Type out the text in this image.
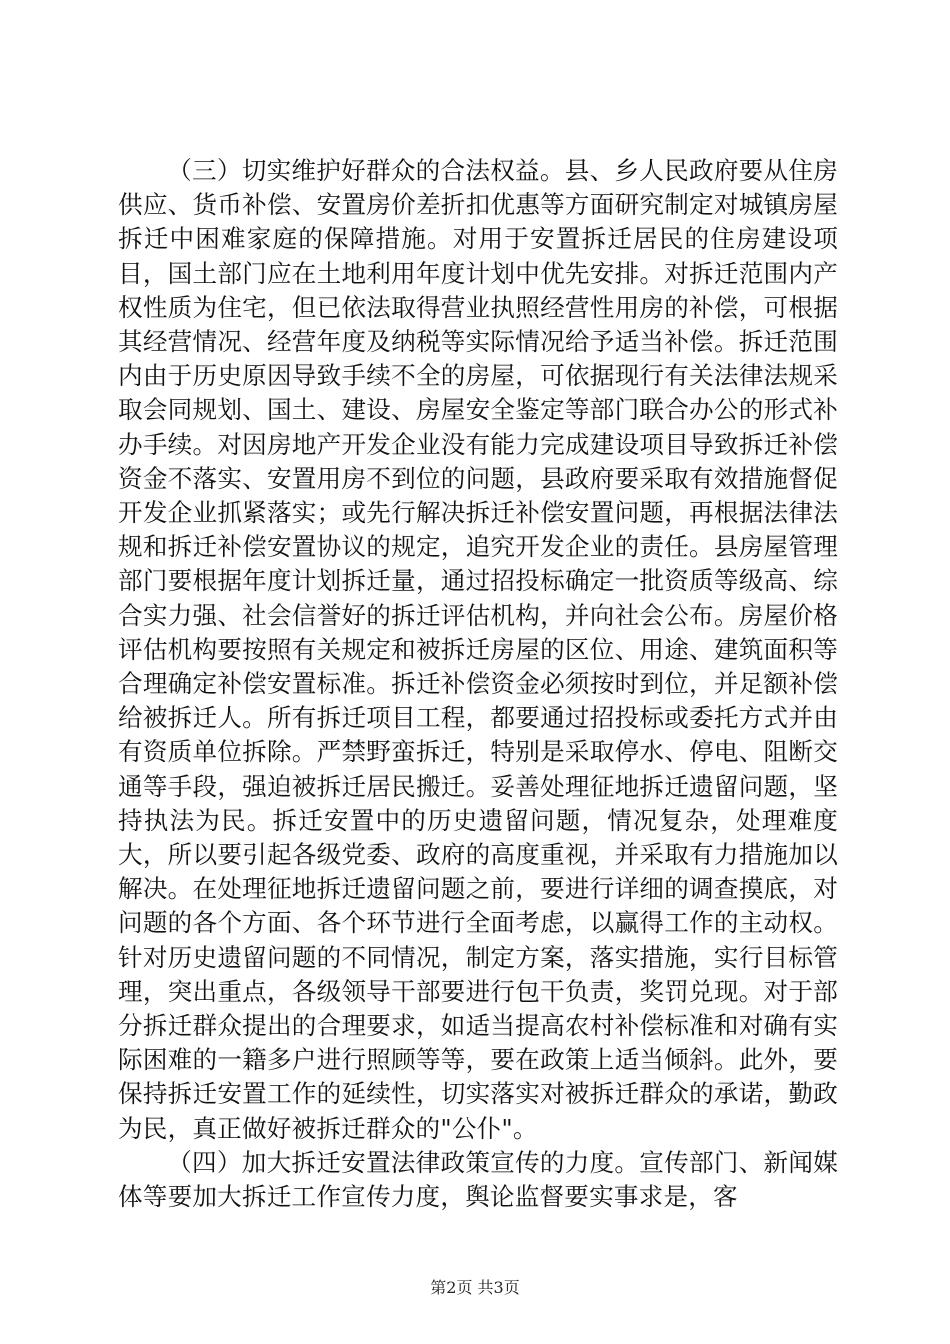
（三）切实维护好群众的合法权益。县、乡人民政府要从住房供应、货币补偿、安置房价差折扣优惠等方面研究制定对城镇房屋拆迁中困难家庭的保障措施。对用于安置拆迁居民的住房建设项目，国土部门应在土地利用年度计划中优先安排。对拆迁范围内产权性质为住宅，但已依法取得营业执照经营性用房的补偿，可根据其经营情况、经营年度及纳税等实际情况给予适当补偿。拆迁范围内由于历史原因导致手续不全的房屋，可依据现行有关法律法规采取会同规划、国土、建设、房屋安全鉴定等部门联合办公的形式补办手续。对因房地产开发企业没有能力完成建设项目导致拆迁补偿资金不落实、安置用房不到位的问题，县政府要采取有效措施督促开发企业抓紧落实；或先行解决拆迁补偿安置问题，再根据法律法规和拆迁补偿安置协议的规定，追究开发企业的责任。县房屋管理部门要根据年度计划拆迁量，通过招投标确定一批资质等级高、综合实力强、社会信誉好的拆迁评估机构，并向社会公布。房屋价格评估机构要按照有关规定和被拆迁房屋的区位、用途、建筑面积等合理确定补偿安置标准。拆迁补偿资金必须按时到位，并足额补偿给被拆迁人。所有拆迁项目工程，都要通过招投标或委托方式并由有资质单位拆除。严禁野蛮拆迁，特别是采取停水、停电、阻断交通等手段，强迫被拆迁居民搬迁。妥善处理征地拆迁遗留问题，坚持执法为民。拆迁安置中的历史遗留问题，情况复杂，处理难度大，所以要引起各级党委、政府的高度重视，并采取有力措施加以解决。在处理征地拆迁遗留问题之前，要进行详细的调查摸底，对问题的各个方面、各个环节进行全面考虑，以赢得工作的主动权。针对历史遗留问题的不同情况，制定方案，落实措施，实行目标管理，突出重点，各级领导干部要进行包干负责，奖罚兑现。对于部分拆迁群众提出的合理要求，如适当提高农村补偿标准和对确有实际困难的一籍多户进行照顾等等，要在政策上适当倾斜。此外，要保持拆迁安置工作的延续性，切实落实对被拆迁群众的承诺，勤政为民，真正做好被拆迁群众的"公仆"。

（四）加大拆迁安置法律政策宣传的力度。宣传部门、新闻媒体等要加大拆迁工作宣传力度，舆论监督要实事求是，客

第2页 共3页
